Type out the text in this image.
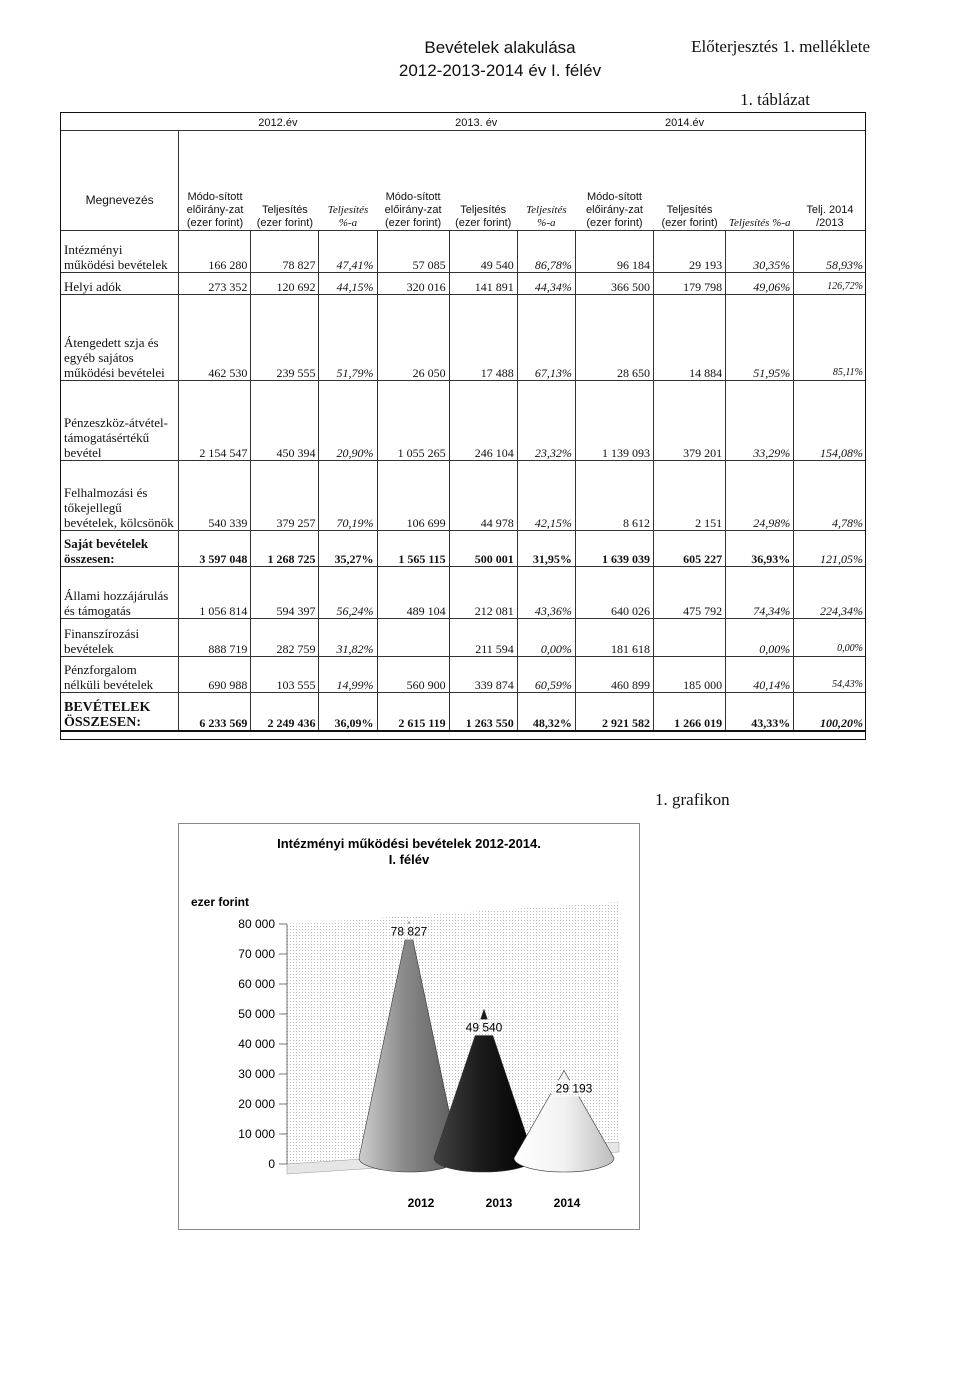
Bevételek alakulása
2012-2013-2014 év I. félév
Előterjesztés 1. melléklete
1. táblázat
	2012.év			2013. év			2014.év			
Megnevezés	Módo-sított előirány-zat (ezer forint)	Teljesítés (ezer forint)	Teljesítés %-a	Módo-sított előirány-zat (ezer forint)	Teljesítés (ezer forint)	Teljesítés %-a	Módo-sított előirány-zat (ezer forint)	Teljesítés (ezer forint)	Teljesítés %-a	Telj. 2014 /2013
Intézményi működési bevételek	166 280	78 827	47,41%	57 085	49 540	86,78%	96 184	29 193	30,35%	58,93%
Helyi adók	273 352	120 692	44,15%	320 016	141 891	44,34%	366 500	179 798	49,06%	126,72%
Átengedett szja és egyéb sajátos működési bevételei	462 530	239 555	51,79%	26 050	17 488	67,13%	28 650	14 884	51,95%	85,11%
Pénzeszköz-átvétel-támogatásértékű bevétel	2 154 547	450 394	20,90%	1 055 265	246 104	23,32%	1 139 093	379 201	33,29%	154,08%
Felhalmozási és tőkejellegű bevételek, kölcsönök	540 339	379 257	70,19%	106 699	44 978	42,15%	8 612	2 151	24,98%	4,78%
Saját bevételek összesen:	3 597 048	1 268 725	35,27%	1 565 115	500 001	31,95%	1 639 039	605 227	36,93%	121,05%
Állami hozzájárulás és támogatás	1 056 814	594 397	56,24%	489 104	212 081	43,36%	640 026	475 792	74,34%	224,34%
Finanszírozási bevételek	888 719	282 759	31,82%		211 594	0,00%	181 618		0,00%	0,00%
Pénzforgalom nélküli bevételek	690 988	103 555	14,99%	560 900	339 874	60,59%	460 899	185 000	40,14%	54,43%
BEVÉTELEK ÖSSZESEN:	6 233 569	2 249 436	36,09%	2 615 119	1 263 550	48,32%	2 921 582	1 266 019	43,33%	100,20%
1. grafikon
Intézményi működési bevételek 2012-2014.
I. félév
ezer forint
0
10 000
20 000
30 000
40 000
50 000
60 000
70 000
80 000
78 827
49 540
29 193
2012	2013	2014
